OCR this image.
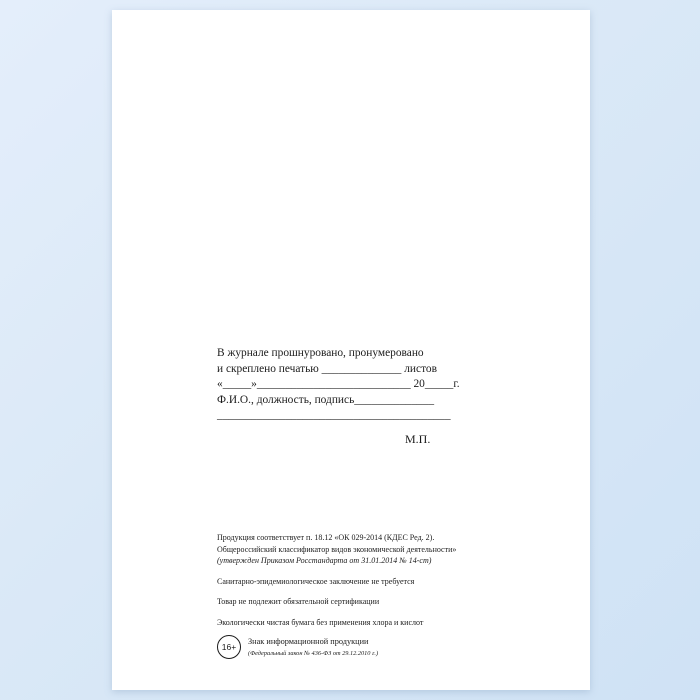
В журнале прошнуровано, пронумеровано
и скреплено печатью ______________ листов
«_____»___________________________ 20_____г.
Ф.И.О., должность, подпись______________
_________________________________________
М.П.
Продукция соответствует п. 18.12 «ОК 029-2014 (КДЕС Ред. 2).
Общероссийский классификатор видов экономической деятельности»
(утвержден Приказом Росстандарта от 31.01.2014 № 14-ст)
Санитарно-эпидемиологическое заключение не требуется
Товар не подлежит обязательной сертификации
Экологически чистая бумага без применения хлора и кислот
16+
Знак информационной продукции
(Федеральный закон № 436-ФЗ от 29.12.2010 г.)
